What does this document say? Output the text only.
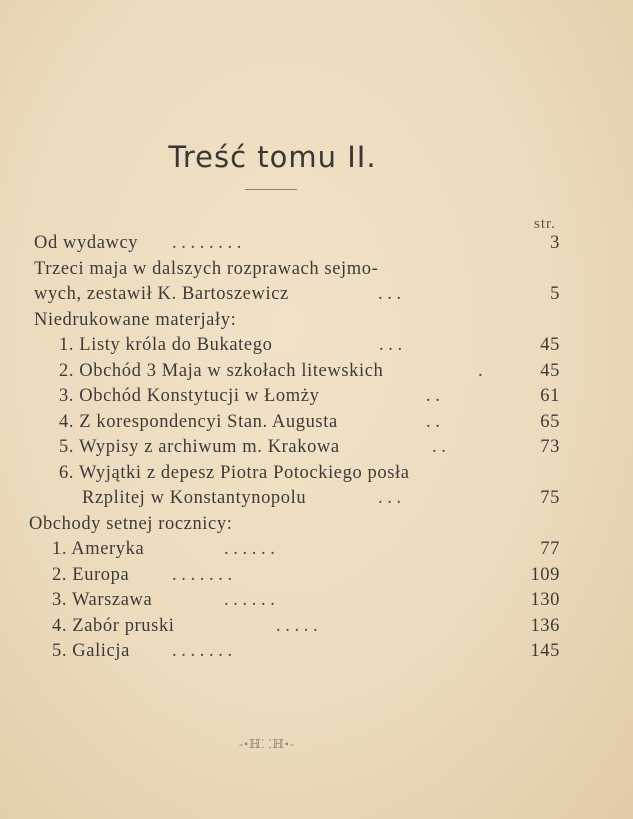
Treść tomu II.
str.
Od wydawcy . . . . . . . .	3
Trzeci maja w dalszych rozprawach sejmo-
wych, zestawił K. Bartoszewicz	. . .	5
Niedrukowane materjały:
1. Listy króla do Bukatego	. . .	45
2. Obchód 3 Maja w szkołach litewskich	.	45
3. Obchód Konstytucji w Łomży	. .	61
4. Z korespondencyi Stan. Augusta	. .	65
5. Wypisy z archiwum m. Krakowa	. .	73
6. Wyjątki z depesz Piotra Potockiego posła
Rzplitej w Konstantynopolu	. . .	75
Obchody setnej rocznicy:
1. Ameryka	. . . . . .	77
2. Europa . . . . . . .	109
3. Warszawa	. . . . . .	130
4. Zabór pruski	. . . . .	136
5. Galicja . . . . . . .	145
-•ℍ⸬ℍ•-
